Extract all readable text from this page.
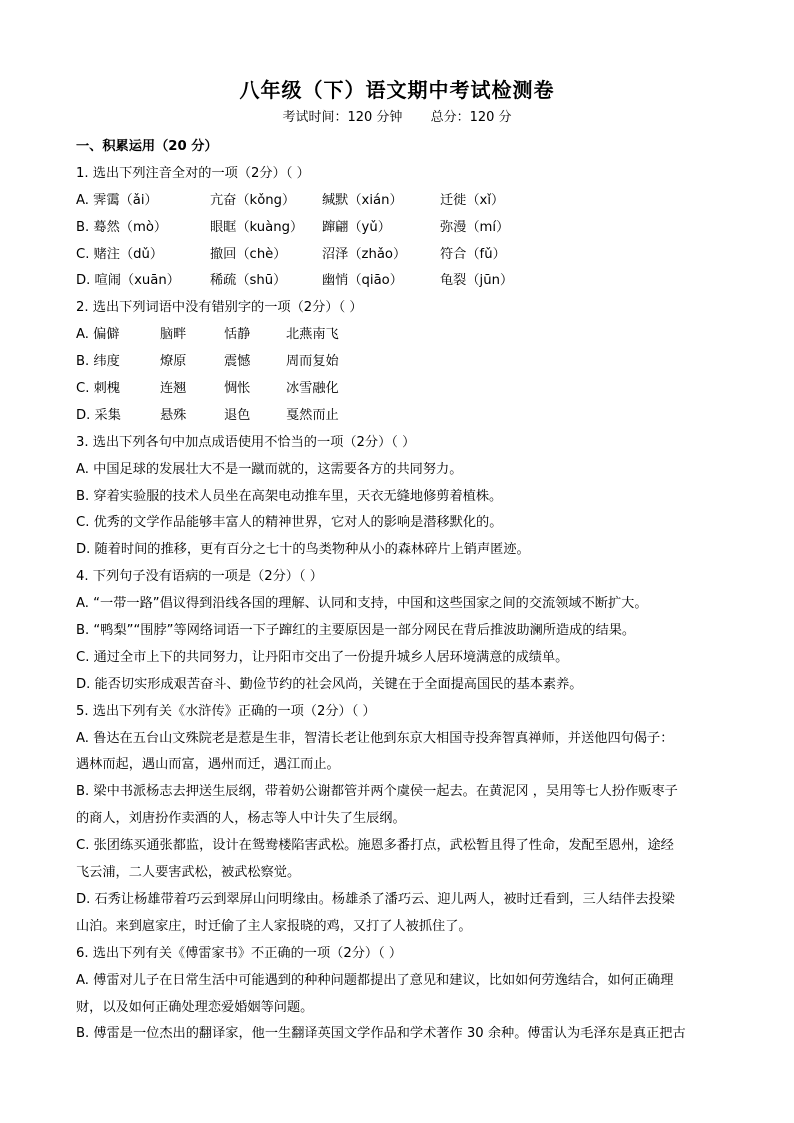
八年级（下）语文期中考试检测卷
考试时间：120 分钟 总分：120 分
一、积累运用（20 分）
1. 选出下列注音全对的一项（2分）（ ）
A. 霁霭（ǎi）	亢奋（kǒng）	缄默（xián）	迁徙（xǐ）
B. 蓦然（mò）	眼眶（kuàng）	蹿翩（yǔ）	弥漫（mí）
C. 赌注（dǔ）	撤回（chè）	沼泽（zhǎo）	符合（fǔ）
D. 喧闹（xuān）	稀疏（shū）	幽悄（qiāo）	龟裂（jūn）
2. 选出下列词语中没有错别字的一项（2分）（ ）
A. 偏僻	脑畔	恬静	北燕南飞
B. 纬度	燎原	震憾	周而复始
C. 刺槐	连翘	惆怅	冰雪融化
D. 采集	悬殊	退色	戛然而止
3. 选出下列各句中加点成语使用不恰当的一项（2分）（ ）
A. 中国足球的发展壮大不是一蹴而就的，这需要各方的共同努力。
B. 穿着实验服的技术人员坐在高架电动推车里，天衣无缝地修剪着植株。
C. 优秀的文学作品能够丰富人的精神世界，它对人的影响是潜移默化的。
D. 随着时间的推移，更有百分之七十的鸟类物种从小的森林碎片上销声匿迹。
4. 下列句子没有语病的一项是（2分）（ ）
A. “一带一路”倡议得到沿线各国的理解、认同和支持，中国和这些国家之间的交流领域不断扩大。
B. “鸭梨”“围脖”等网络词语一下子蹿红的主要原因是一部分网民在背后推波助澜所造成的结果。
C. 通过全市上下的共同努力，让丹阳市交出了一份提升城乡人居环境满意的成绩单。
D. 能否切实形成艰苦奋斗、勤俭节约的社会风尚，关键在于全面提高国民的基本素养。
5. 选出下列有关《水浒传》正确的一项（2分）（ ）
A. 鲁达在五台山文殊院老是惹是生非，智清长老让他到东京大相国寺投奔智真禅师，并送他四句偈子：
遇林而起，遇山而富，遇州而迁，遇江而止。
B. 梁中书派杨志去押送生辰纲，带着奶公谢都管并两个虞侯一起去。在黄泥冈 ，吴用等七人扮作贩枣子
的商人，刘唐扮作卖酒的人，杨志等人中计失了生辰纲。
C. 张团练买通张都监，设计在鸳鸯楼陷害武松。施恩多番打点，武松暂且得了性命，发配至恩州，途经
飞云浦，二人要害武松，被武松察觉。
D. 石秀让杨雄带着巧云到翠屏山问明缘由。杨雄杀了潘巧云、迎儿两人，被时迁看到，三人结伴去投梁
山泊。来到扈家庄，时迁偷了主人家报晓的鸡，又打了人被抓住了。
6. 选出下列有关《傅雷家书》不正确的一项（2分）（ ）
A. 傅雷对儿子在日常生活中可能遇到的种种问题都提出了意见和建议，比如如何劳逸结合，如何正确理
财，以及如何正确处理恋爱婚姻等问题。
B. 傅雷是一位杰出的翻译家，他一生翻译英国文学作品和学术著作 30 余种。傅雷认为毛泽东是真正把古
